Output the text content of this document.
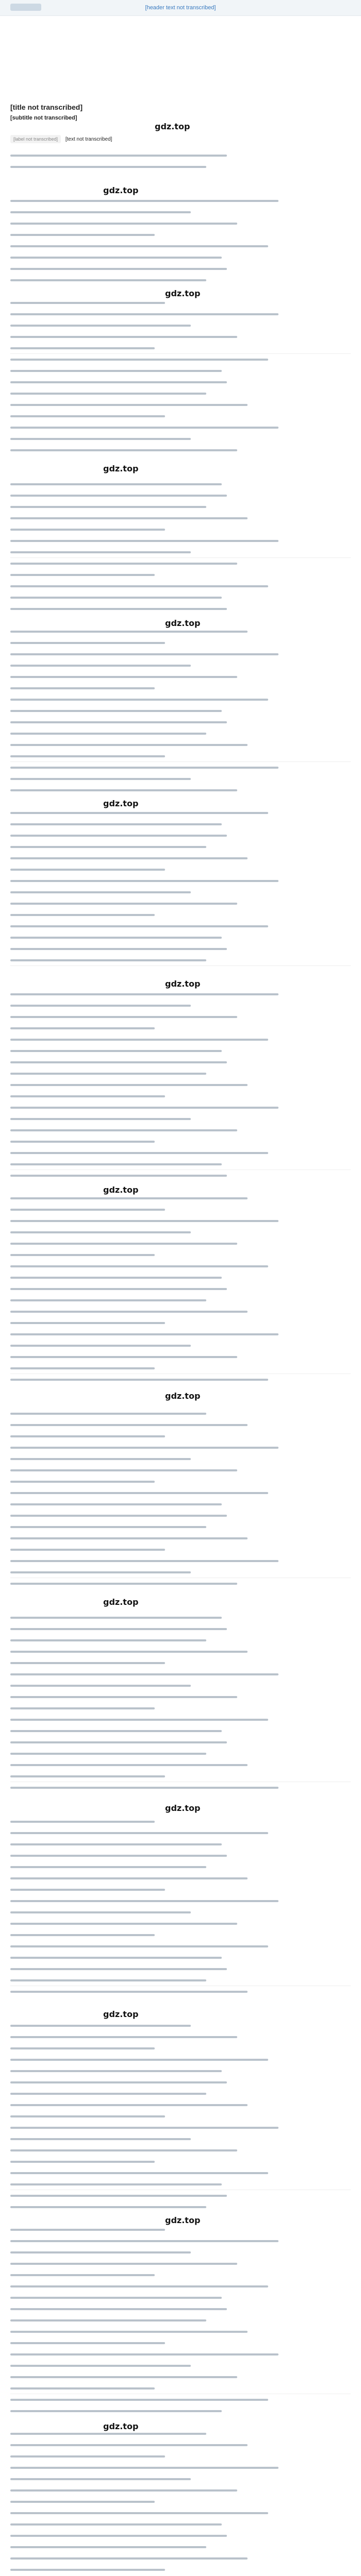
[header text not transcribed]
[title not transcribed]
[subtitle not transcribed]
gdz.top
[label not transcribed] [text not transcribed]
gdz.top
gdz.top
gdz.top
gdz.top
gdz.top
gdz.top
gdz.top
gdz.top
gdz.top
gdz.top
gdz.top
gdz.top
gdz.top
